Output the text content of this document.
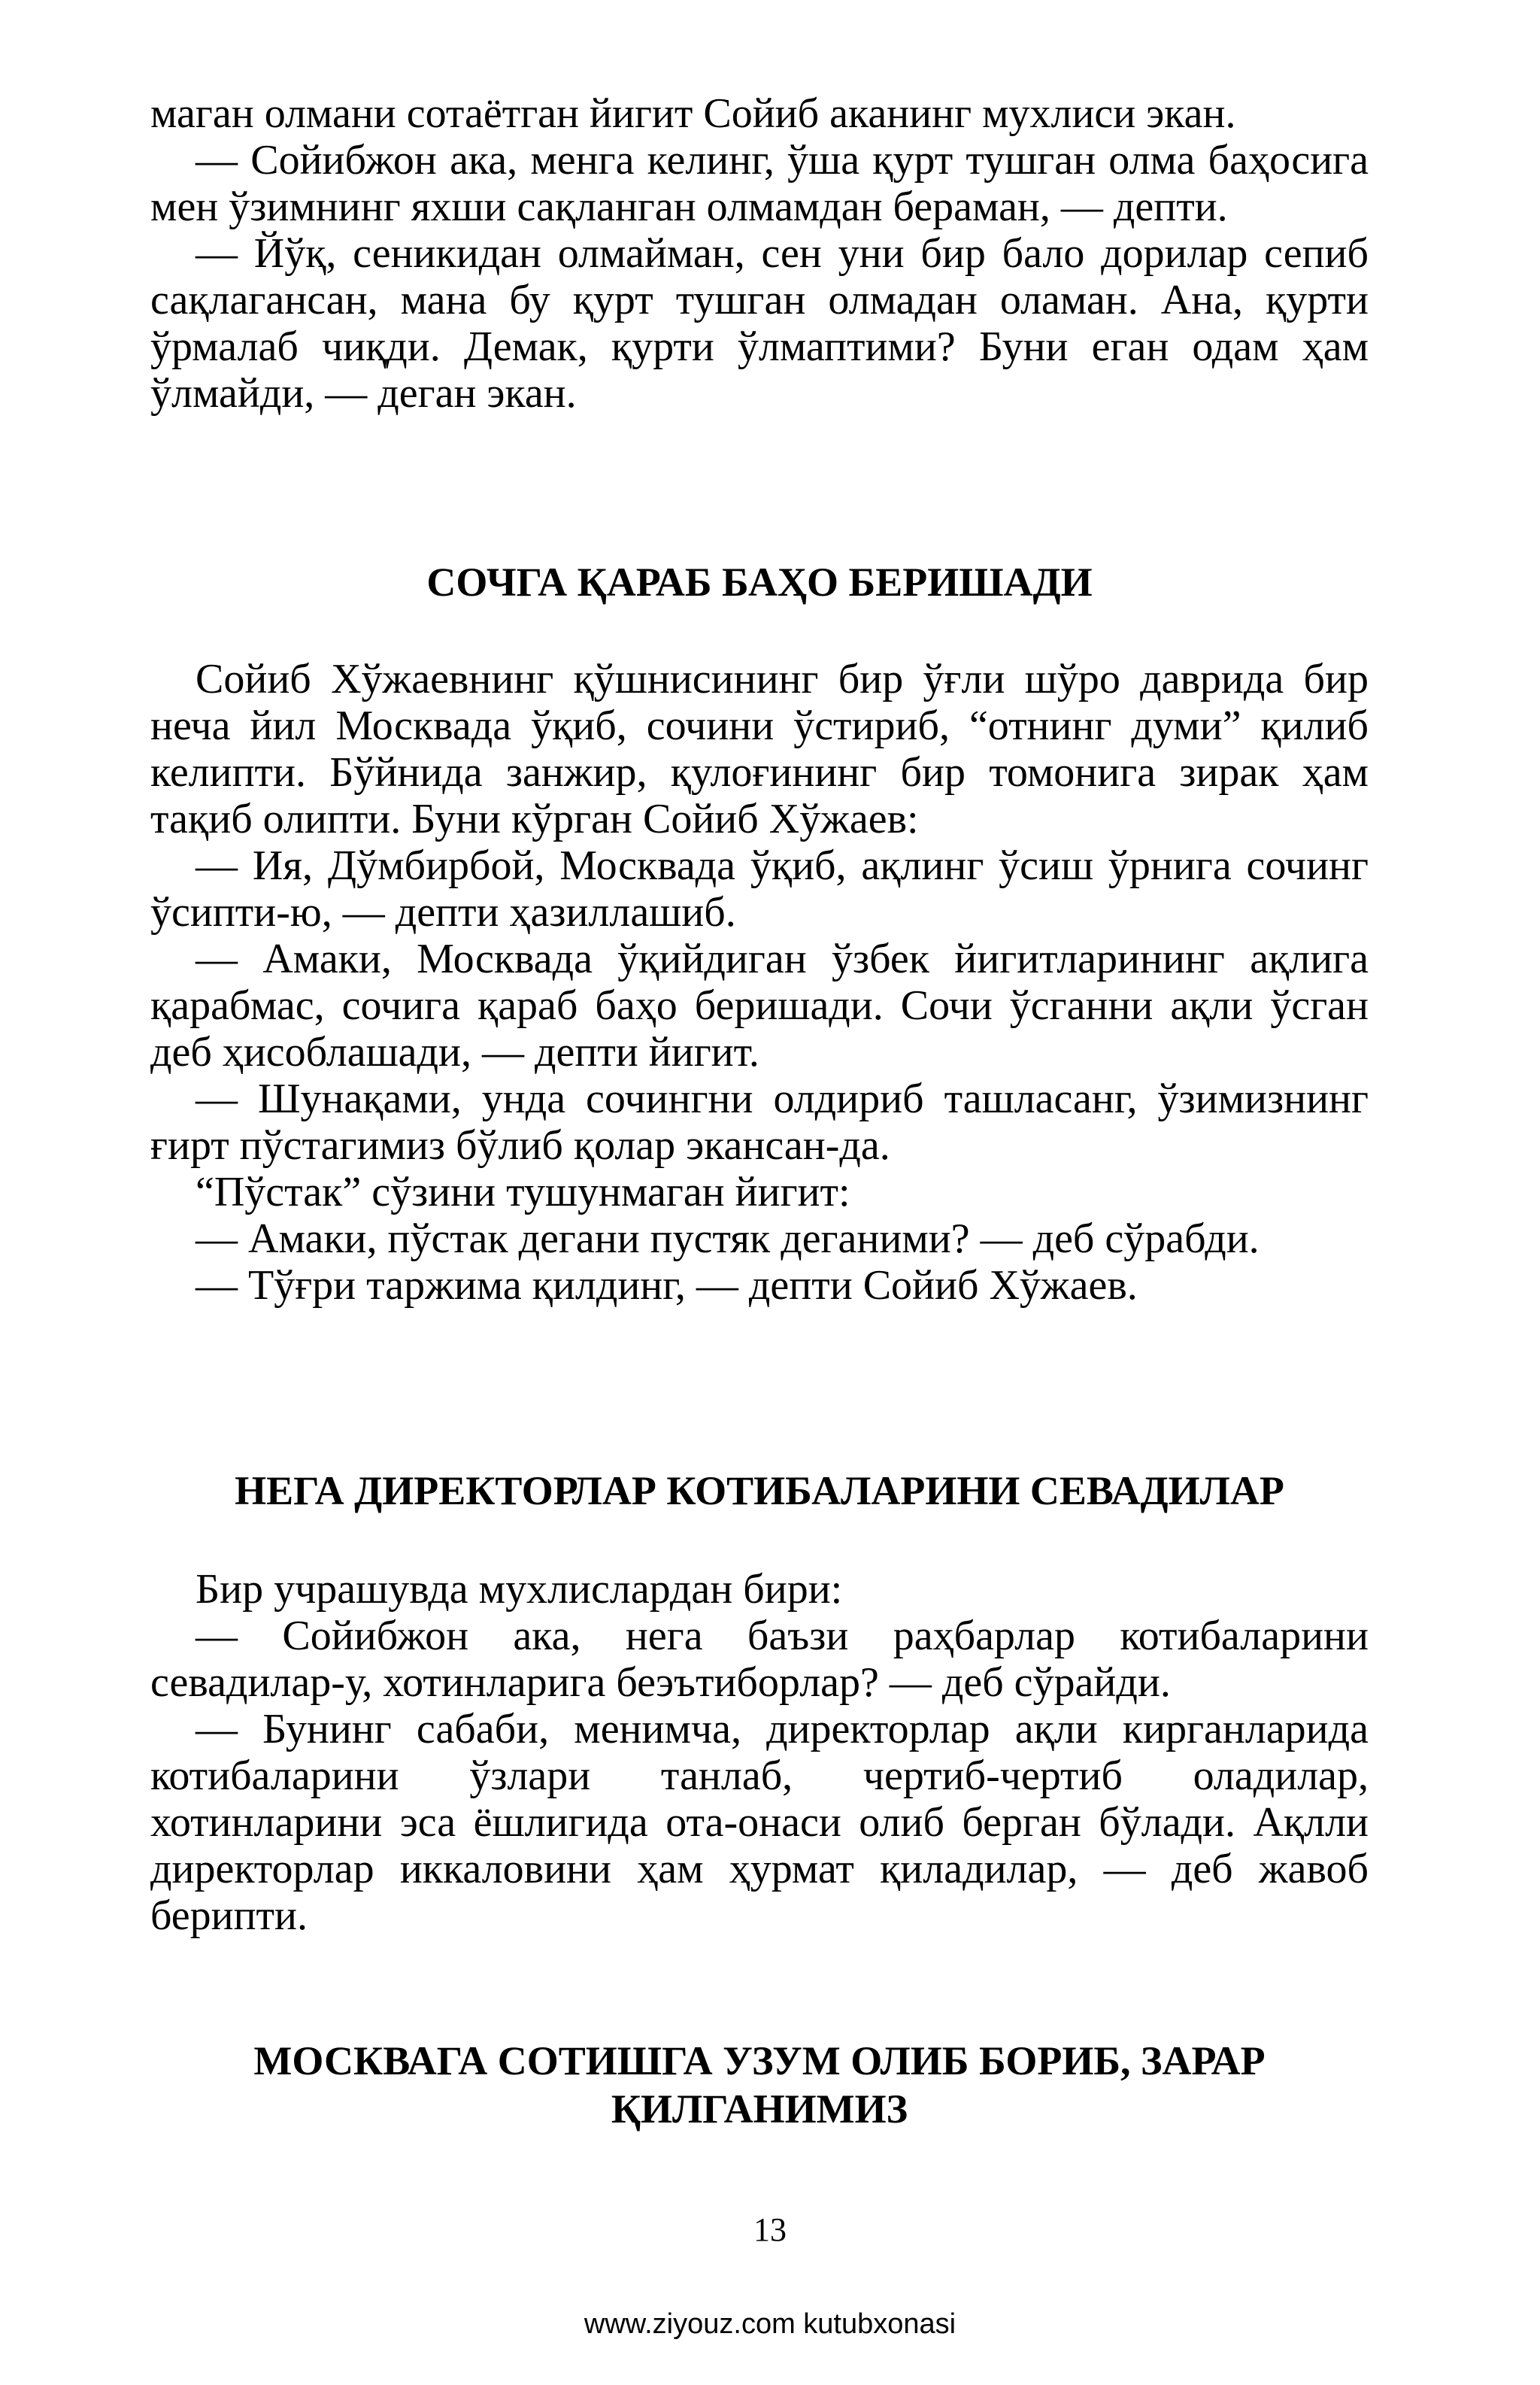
маган олмани сотаётган йигит Сойиб аканинг мухлиси экан.

— Сойибжон ака, менга келинг, ўша қурт тушган олма баҳосига мен ўзимнинг яхши сақланган олмамдан бераман, — депти.

— Йўқ, сеникидан олмайман, сен уни бир бало дорилар сепиб сақлагансан, мана бу қурт тушган олмадан оламан. Ана, қурти ўрмалаб чиқди. Демак, қурти ўлмаптими? Буни еган одам ҳам ўлмайди, — деган экан.

СОЧГА ҚАРАБ БАҲО БЕРИШАДИ

Сойиб Хўжаевнинг қўшнисининг бир ўғли шўро даврида бир неча йил Москвада ўқиб, сочини ўстириб, “отнинг думи” қилиб келипти. Бўйнида занжир, қулоғининг бир томонига зирак ҳам тақиб олипти. Буни кўрган Сойиб Хўжаев:

— Ия, Дўмбирбой, Москвада ўқиб, ақлинг ўсиш ўрнига сочинг ўсипти-ю, — депти ҳазиллашиб.

— Амаки, Москвада ўқийдиган ўзбек йигитларининг ақлига қарабмас, сочига қараб баҳо беришади. Сочи ўсганни ақли ўсган деб ҳисоблашади, — депти йигит.

— Шунақами, унда сочингни олдириб ташласанг, ўзимизнинг ғирт пўстагимиз бўлиб қолар экансан-да.

“Пўстак” сўзини тушунмаган йигит:

— Амаки, пўстак дегани пустяк деганими? — деб сўрабди.

— Тўғри таржима қилдинг, — депти Сойиб Хўжаев.

НЕГА ДИРЕКТОРЛАР КОТИБАЛАРИНИ СЕВАДИЛАР

Бир учрашувда мухлислардан бири:

— Сойибжон ака, нега баъзи раҳбарлар котибаларини севадилар-у, хотинларига беэътиборлар? — деб сўрайди.

— Бунинг сабаби, менимча, директорлар ақли кирганларида котибаларини ўзлари танлаб, чертиб-чертиб оладилар, хотинларини эса ёшлигида ота-онаси олиб берган бўлади. Ақлли директорлар иккаловини ҳам ҳурмат қиладилар, — деб жавоб берипти.

МОСКВАГА СОТИШГА УЗУМ ОЛИБ БОРИБ, ЗАРАР
ҚИЛГАНИМИЗ
13
www.ziyouz.com kutubxonasi
